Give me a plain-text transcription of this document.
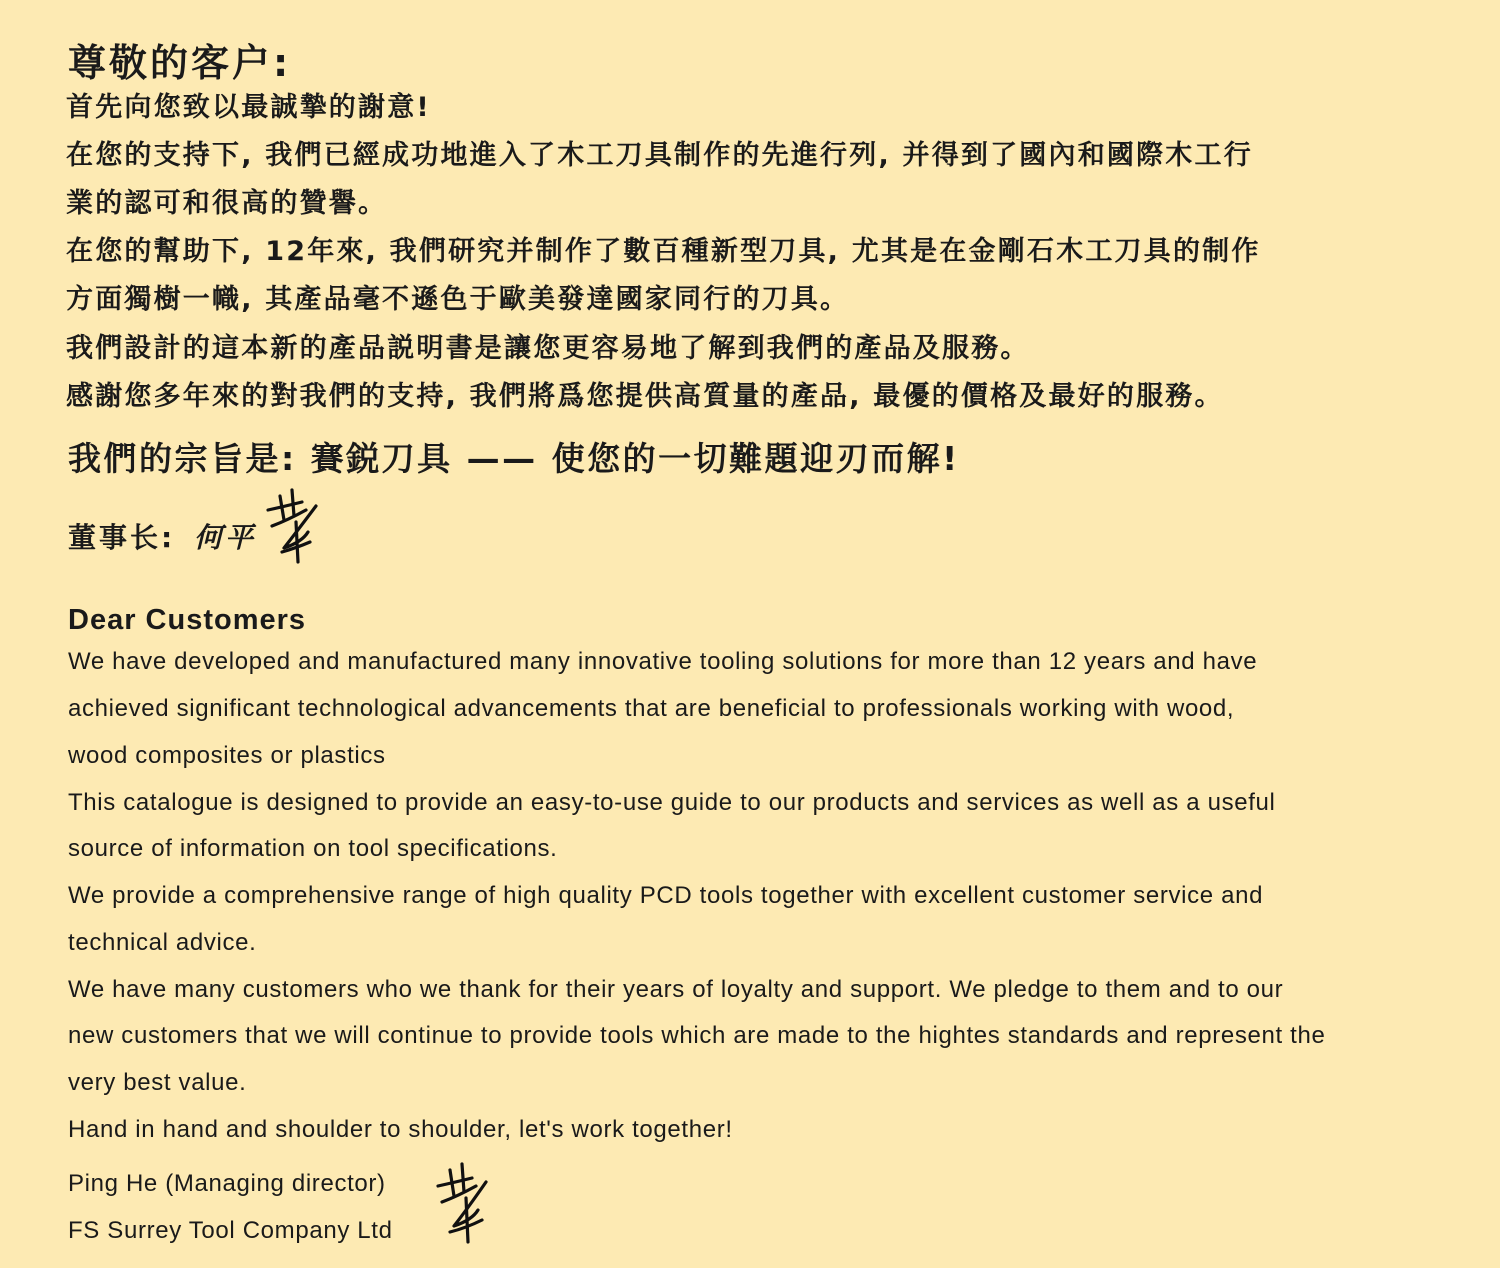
尊敬的客户:

首先向您致以最誠摯的謝意!

在您的支持下, 我們已經成功地進入了木工刀具制作的先進行列, 并得到了國內和國際木工行

業的認可和很高的贊譽。

在您的幫助下, 12年來, 我們研究并制作了數百種新型刀具, 尤其是在金剛石木工刀具的制作

方面獨樹一幟, 其產品毫不遜色于歐美發達國家同行的刀具。

我們設計的這本新的產品説明書是讓您更容易地了解到我們的產品及服務。

感謝您多年來的對我們的支持, 我們將爲您提供高質量的產品, 最優的價格及最好的服務。

我們的宗旨是: 賽鋭刀具 —— 使您的一切難題迎刃而解!

董事长: 何平

Dear Customers

We have developed and manufactured many innovative tooling solutions for more than 12 years and have

achieved significant technological advancements that are beneficial to professionals working with wood,

wood composites or plastics

This catalogue is designed to provide an easy-to-use guide to our products and services as well as a useful

source of information on tool specifications.

We provide a comprehensive range of high quality PCD tools together with excellent customer service and

technical advice.

We have many customers who we thank for their years of loyalty and support. We pledge to them and to our

new customers that we will continue to provide tools which are made to the hightes standards and represent the

very best value.

Hand in hand and shoulder to shoulder, let's work together!

Ping He (Managing director)

FS Surrey Tool Company Ltd
